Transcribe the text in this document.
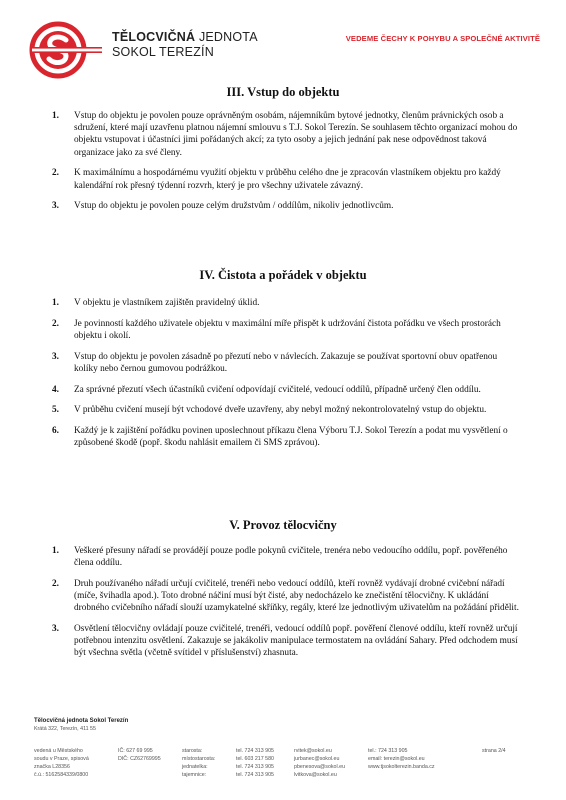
TĚLOCVIČNÁ JEDNOTA
SOKOL TEREZÍN
VEDEME ČECHY K POHYBU A SPOLEČNÉ AKTIVITĚ
III. Vstup do objektu
1. Vstup do objektu je povolen pouze oprávněným osobám, nájemníkům bytové jednotky, členům právnických osob a sdružení, které mají uzavřenu platnou nájemní smlouvu s T.J. Sokol Terezín. Se souhlasem těchto organizací mohou do objektu vstupovat i účastníci jimi pořádaných akcí; za tyto osoby a jejich jednání pak nese odpovědnost taková organizace jako za své členy.
2. K maximálnímu a hospodárnému využití objektu v průběhu celého dne je zpracován vlastníkem objektu pro každý kalendářní rok přesný týdenní rozvrh, který je pro všechny uživatele závazný.
3. Vstup do objektu je povolen pouze celým družstvům / oddílům, nikoliv jednotlivcům.
IV. Čistota a pořádek v objektu
1. V objektu je vlastníkem zajištěn pravidelný úklid.
2. Je povinností každého uživatele objektu v maximální míře přispět k udržování čistota pořádku ve všech prostorách objektu i okolí.
3. Vstup do objektu je povolen zásadně po přezutí nebo v návlecích. Zakazuje se používat sportovní obuv opatřenou kolíky nebo černou gumovou podrážkou.
4. Za správné přezutí všech účastníků cvičení odpovídají cvičitelé, vedoucí oddílů, případně určený člen oddílu.
5. V průběhu cvičení musejí být vchodové dveře uzavřeny, aby nebyl možný nekontrolovatelný vstup do objektu.
6. Každý je k zajištění pořádku povinen uposlechnout příkazu člena Výboru T.J. Sokol Terezín a podat mu vysvětlení o způsobené škodě (popř. škodu nahlásit emailem či SMS zprávou).
V. Provoz tělocvičny
1. Veškeré přesuny nářadí se provádějí pouze podle pokynů cvičitele, trenéra nebo vedoucího oddílu, popř. pověřeného člena oddílu.
2. Druh používaného nářadí určují cvičitelé, trenéři nebo vedoucí oddílů, kteří rovněž vydávají drobné cvičební nářadí (míče, švihadla apod.). Toto drobné náčiní musí být čisté, aby nedocházelo ke znečistění tělocvičny. K ukládání drobného cvičebního nářadí slouží uzamykatelné skříňky, regály, které lze jednotlivým uživatelům na požádání přidělit.
3. Osvětlení tělocvičny ovládají pouze cvičitelé, trenéři, vedoucí oddílů popř. pověření členové oddílu, kteří rovněž určují potřebnou intenzitu osvětlení. Zakazuje se jakákoliv manipulace termostatem na ovládání Sahary. Před odchodem musí být všechna světla (včetně svítidel v příslušenství) zhasnuta.
Tělocvičná jednota Sokol Terezín
Krátá 322, Terezín, 411 55
vedená u Městského
soudu v Praze, spisová
značka L28356
č.ú.: 5162584339/0800
IČ: 627 69 995
DIČ: CZ62769995
starosta:
místostarosta:
jednatelka:
tajemnice:
tel. 724 313 905
tel. 603 217 580
tel. 724 313 905
tel. 724 313 905
rvitek@sokol.eu
jurbanec@sokol.eu
pbenesova@sokol.eu
lvitkova@sokol.eu
tel.: 724 313 905
email: terezin@sokol.eu
www.tjsokolterezin.banda.cz
strana 2/4
